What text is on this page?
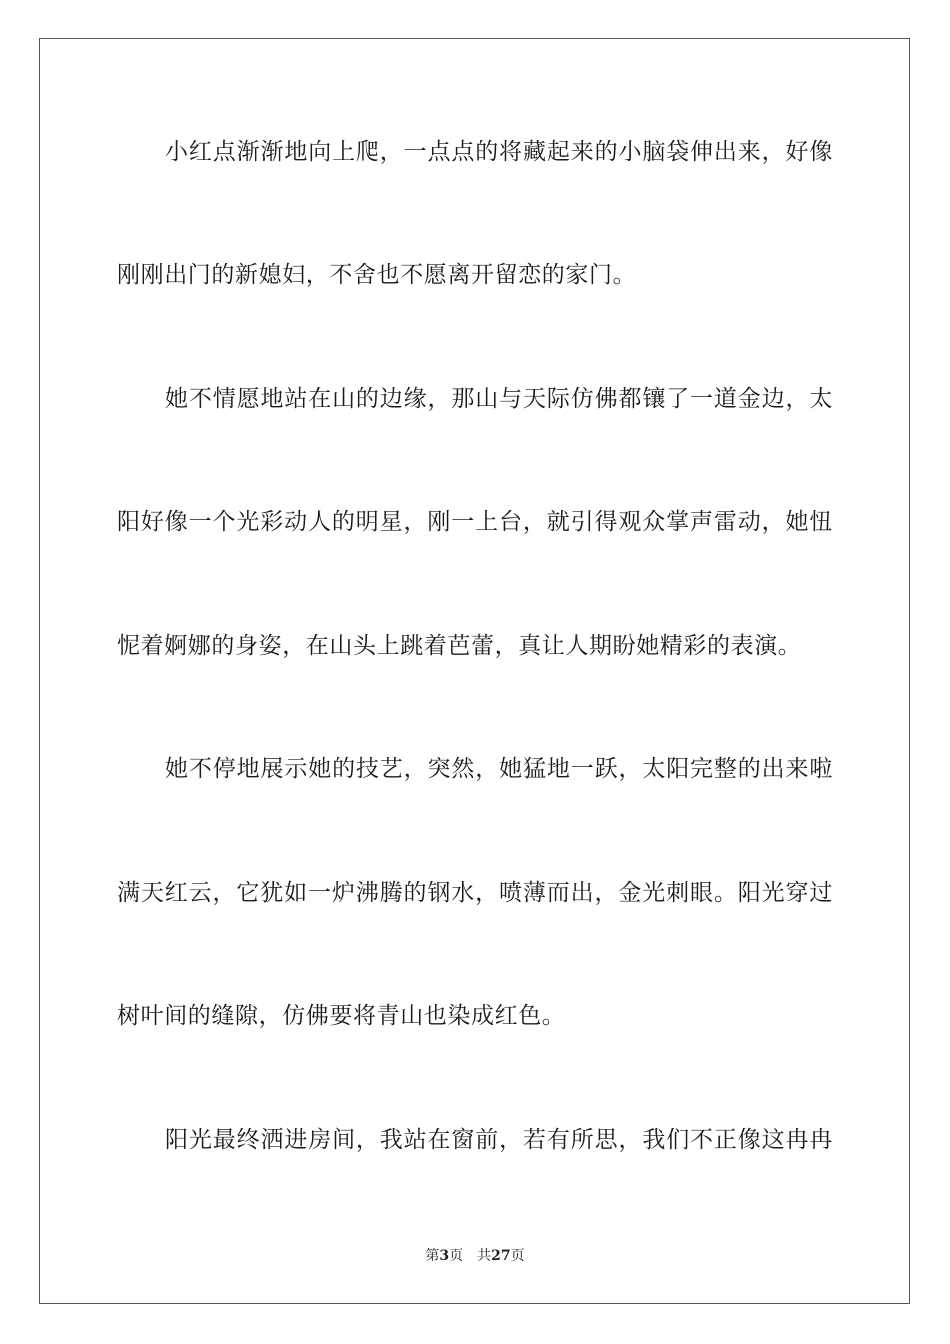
小红点渐渐地向上爬，一点点的将藏起来的小脑袋伸出来，好像
刚刚出门的新媳妇，不舍也不愿离开留恋的家门。
她不情愿地站在山的边缘，那山与天际仿佛都镶了一道金边，太
阳好像一个光彩动人的明星，刚一上台，就引得观众掌声雷动，她忸
怩着婀娜的身姿，在山头上跳着芭蕾，真让人期盼她精彩的表演。
她不停地展示她的技艺，突然，她猛地一跃，太阳完整的出来啦
满天红云，它犹如一炉沸腾的钢水，喷薄而出，金光刺眼。阳光穿过
树叶间的缝隙，仿佛要将青山也染成红色。
阳光最终洒进房间，我站在窗前，若有所思，我们不正像这冉冉
第3页 共27页
